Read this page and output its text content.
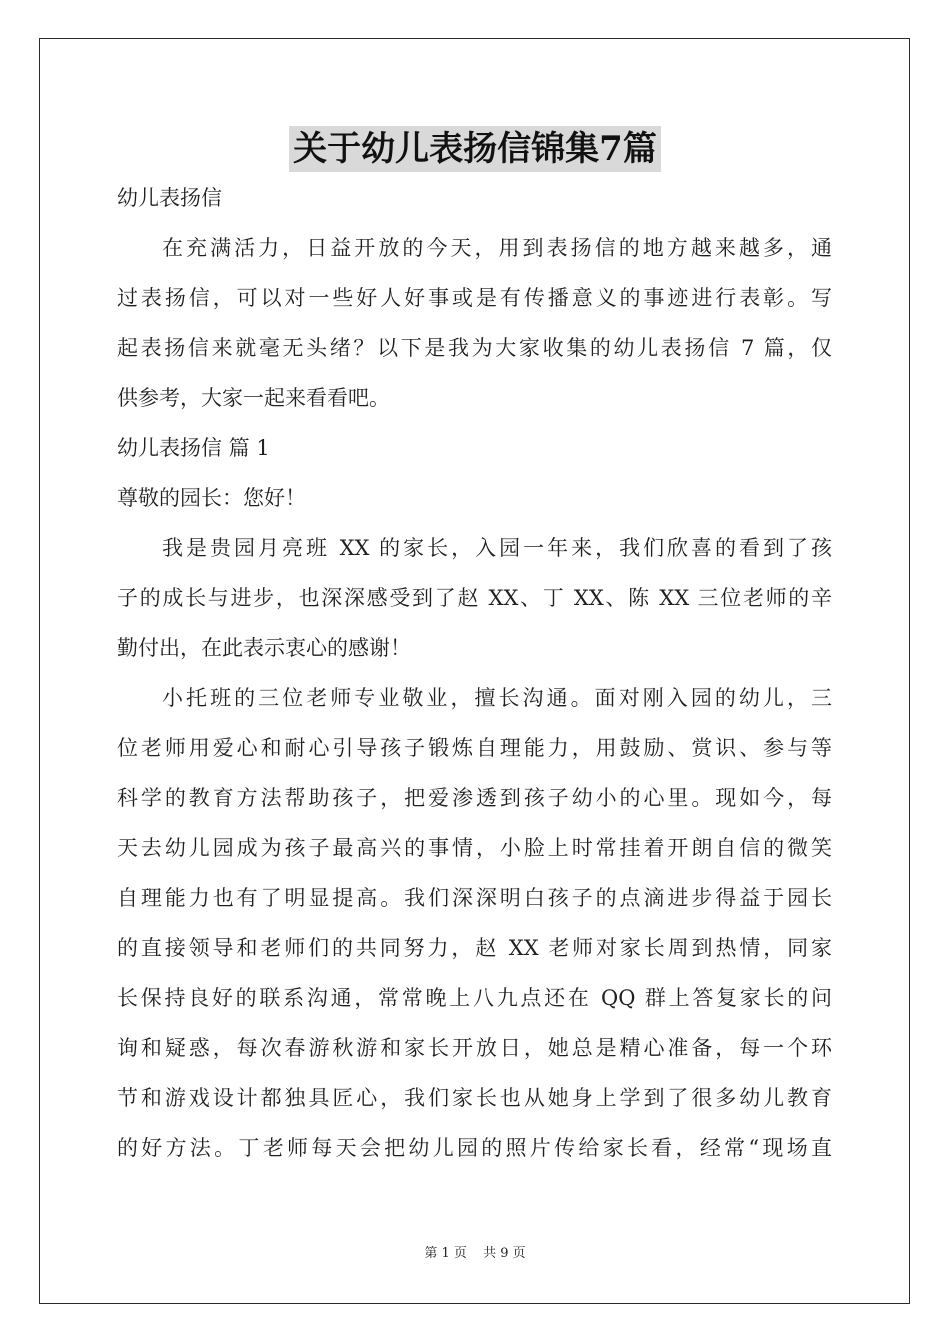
关于幼儿表扬信锦集7篇
幼儿表扬信
在充满活力，日益开放的今天，用到表扬信的地方越来越多，通
过表扬信，可以对一些好人好事或是有传播意义的事迹进行表彰。写
起表扬信来就毫无头绪？以下是我为大家收集的幼儿表扬信 7 篇，仅
供参考，大家一起来看看吧。
幼儿表扬信 篇 1
尊敬的园长：您好！
我是贵园月亮班 XX 的家长，入园一年来，我们欣喜的看到了孩
子的成长与进步，也深深感受到了赵 XX、丁 XX、陈 XX 三位老师的辛
勤付出，在此表示衷心的感谢！
小托班的三位老师专业敬业，擅长沟通。面对刚入园的幼儿，三
位老师用爱心和耐心引导孩子锻炼自理能力，用鼓励、赏识、参与等
科学的教育方法帮助孩子，把爱渗透到孩子幼小的心里。现如今，每
天去幼儿园成为孩子最高兴的事情，小脸上时常挂着开朗自信的微笑
自理能力也有了明显提高。我们深深明白孩子的点滴进步得益于园长
的直接领导和老师们的共同努力，赵 XX 老师对家长周到热情，同家
长保持良好的联系沟通，常常晚上八九点还在 QQ 群上答复家长的问
询和疑惑，每次春游秋游和家长开放日，她总是精心准备，每一个环
节和游戏设计都独具匠心，我们家长也从她身上学到了很多幼儿教育
的好方法。丁老师每天会把幼儿园的照片传给家长看，经常“现场直
第 1 页 共 9 页
